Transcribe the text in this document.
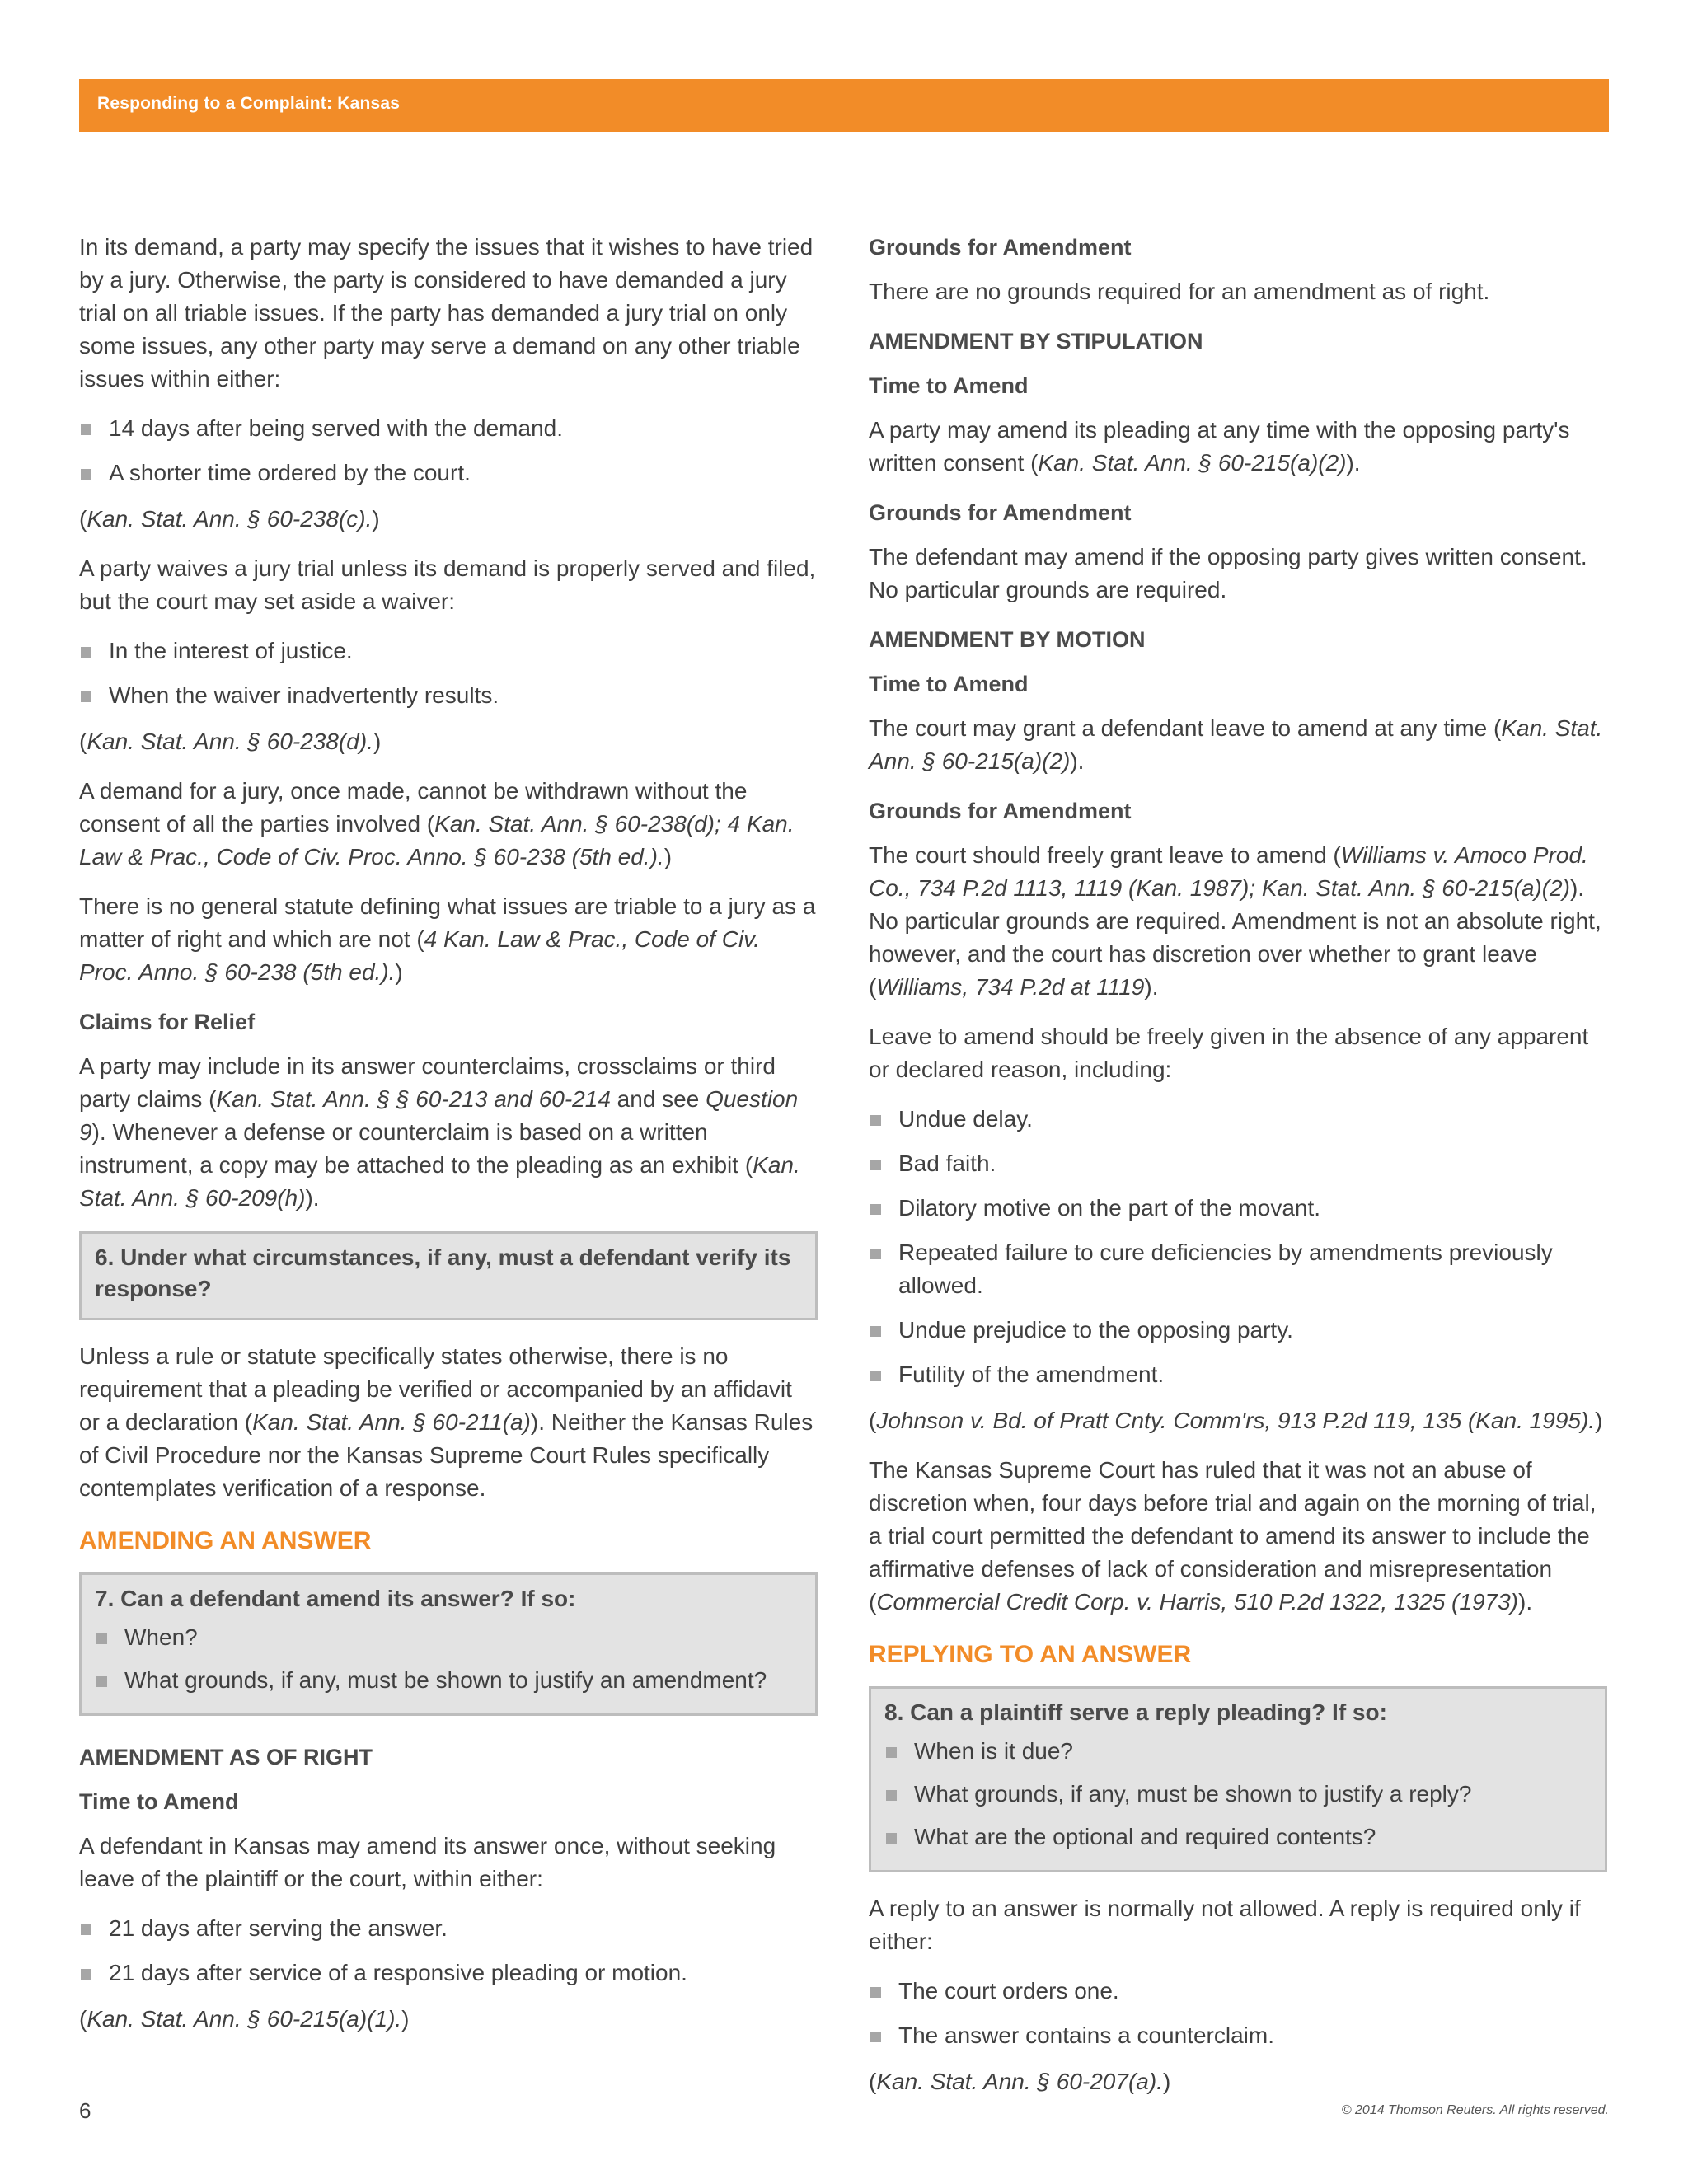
Responding to a Complaint: Kansas

In its demand, a party may specify the issues that it wishes to have tried by a jury. Otherwise, the party is considered to have demanded a jury trial on all triable issues. If the party has demanded a jury trial on only some issues, any other party may serve a demand on any other triable issues within either:

14 days after being served with the demand.
A shorter time ordered by the court.

(Kan. Stat. Ann. § 60-238(c).)

A party waives a jury trial unless its demand is properly served and filed, but the court may set aside a waiver:

In the interest of justice.
When the waiver inadvertently results.

(Kan. Stat. Ann. § 60-238(d).)

A demand for a jury, once made, cannot be withdrawn without the consent of all the parties involved (Kan. Stat. Ann. § 60-238(d); 4 Kan. Law & Prac., Code of Civ. Proc. Anno. § 60-238 (5th ed.).)

There is no general statute defining what issues are triable to a jury as a matter of right and which are not (4 Kan. Law & Prac., Code of Civ. Proc. Anno. § 60-238 (5th ed.).)

Claims for Relief

A party may include in its answer counterclaims, crossclaims or third party claims (Kan. Stat. Ann. § § 60-213 and 60-214 and see Question 9). Whenever a defense or counterclaim is based on a written instrument, a copy may be attached to the pleading as an exhibit (Kan. Stat. Ann. § 60-209(h)).

6. Under what circumstances, if any, must a defendant verify its response?

Unless a rule or statute specifically states otherwise, there is no requirement that a pleading be verified or accompanied by an affidavit or a declaration (Kan. Stat. Ann. § 60-211(a)). Neither the Kansas Rules of Civil Procedure nor the Kansas Supreme Court Rules specifically contemplates verification of a response.

AMENDING AN ANSWER
7. Can a defendant amend its answer? If so:
When?
What grounds, if any, must be shown to justify an amendment?
AMENDMENT AS OF RIGHT
Time to Amend

A defendant in Kansas may amend its answer once, without seeking leave of the plaintiff or the court, within either:

21 days after serving the answer.
21 days after service of a responsive pleading or motion.

(Kan. Stat. Ann. § 60-215(a)(1).)

Grounds for Amendment

There are no grounds required for an amendment as of right.

AMENDMENT BY STIPULATION
Time to Amend

A party may amend its pleading at any time with the opposing party's written consent (Kan. Stat. Ann. § 60-215(a)(2)).

Grounds for Amendment

The defendant may amend if the opposing party gives written consent. No particular grounds are required.

AMENDMENT BY MOTION
Time to Amend

The court may grant a defendant leave to amend at any time (Kan. Stat. Ann. § 60-215(a)(2)).

Grounds for Amendment

The court should freely grant leave to amend (Williams v. Amoco Prod. Co., 734 P.2d 1113, 1119 (Kan. 1987); Kan. Stat. Ann. § 60-215(a)(2)). No particular grounds are required. Amendment is not an absolute right, however, and the court has discretion over whether to grant leave (Williams, 734 P.2d at 1119).

Leave to amend should be freely given in the absence of any apparent or declared reason, including:

Undue delay.
Bad faith.
Dilatory motive on the part of the movant.
Repeated failure to cure deficiencies by amendments previously allowed.
Undue prejudice to the opposing party.
Futility of the amendment.

(Johnson v. Bd. of Pratt Cnty. Comm'rs, 913 P.2d 119, 135 (Kan. 1995).)

The Kansas Supreme Court has ruled that it was not an abuse of discretion when, four days before trial and again on the morning of trial, a trial court permitted the defendant to amend its answer to include the affirmative defenses of lack of consideration and misrepresentation (Commercial Credit Corp. v. Harris, 510 P.2d 1322, 1325 (1973)).

REPLYING TO AN ANSWER
8. Can a plaintiff serve a reply pleading? If so:
When is it due?
What grounds, if any, must be shown to justify a reply?
What are the optional and required contents?

A reply to an answer is normally not allowed. A reply is required only if either:

The court orders one.
The answer contains a counterclaim.

(Kan. Stat. Ann. § 60-207(a).)

6	© 2014 Thomson Reuters. All rights reserved.
